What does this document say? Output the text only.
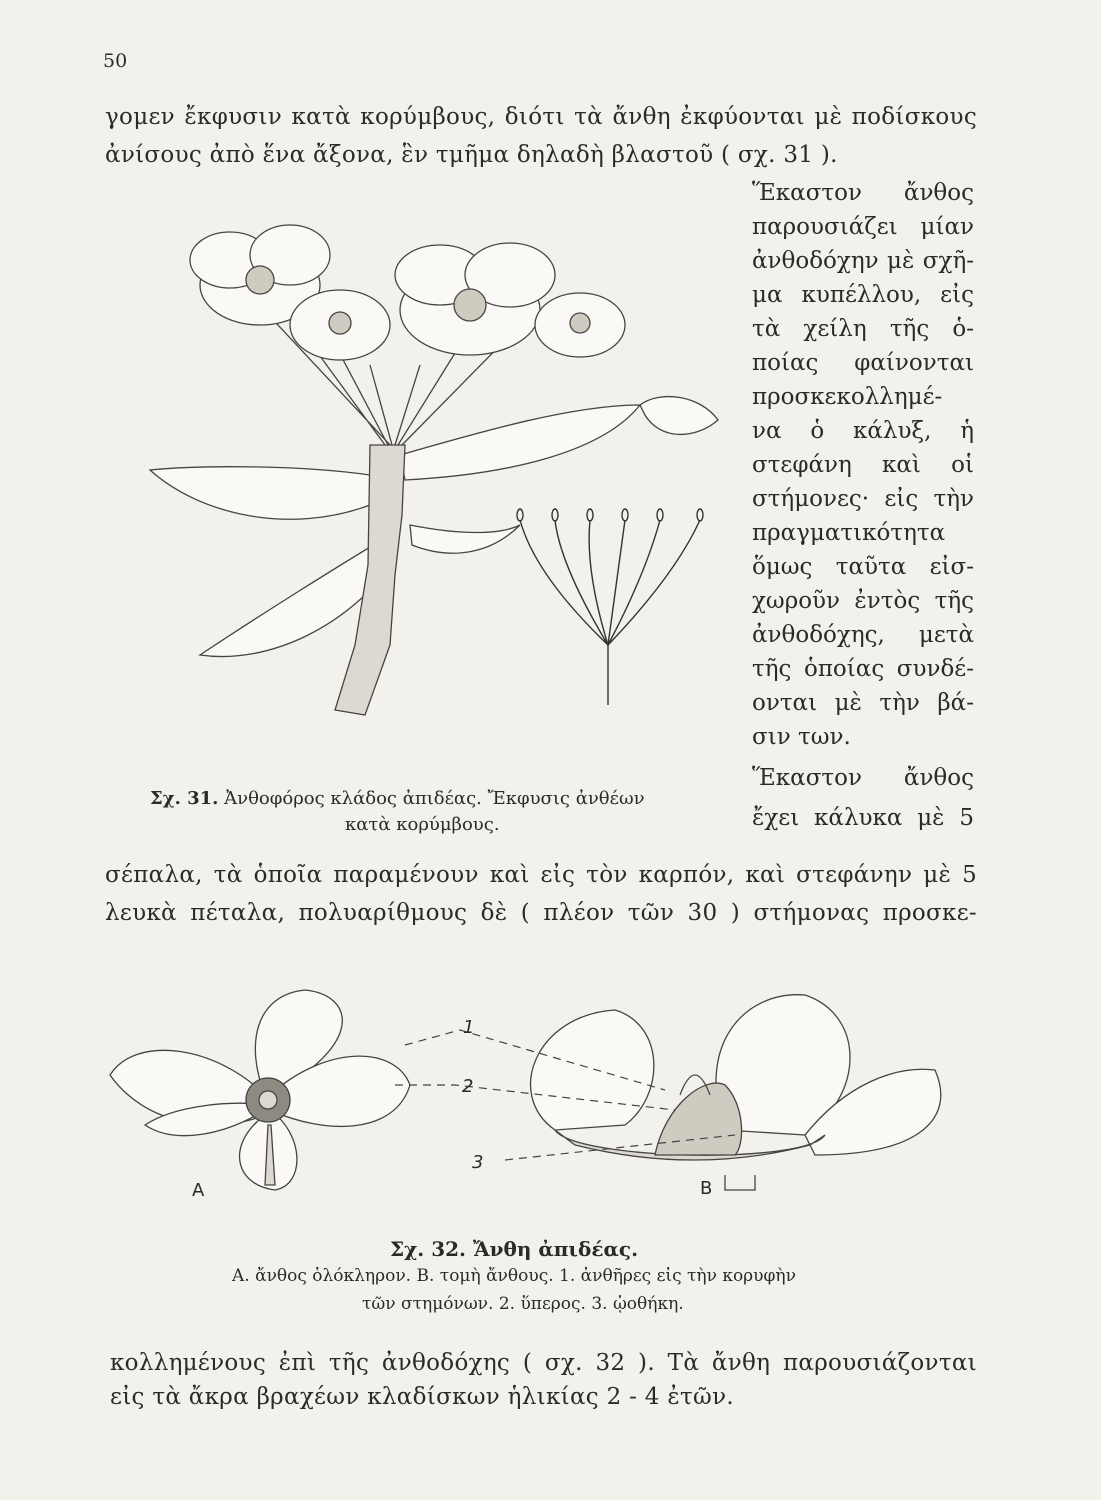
50
γομεν ἔκφυσιν κατὰ κορύμβους, διότι τὰ ἄνθη ἐκφύονται μὲ ποδίσκους
ἀνίσους ἀπὸ ἕνα ἄξονα, ἓν τμῆμα δηλαδὴ βλαστοῦ ( σχ. 31 ).
Ἕκαστον ἄνθος
παρουσιάζει μίαν
ἀνθοδόχην μὲ σχῆ-
μα κυπέλλου, εἰς
τὰ χείλη τῆς ὁ-
ποίας φαίνονται
προσκεκολλημέ-
να ὁ κάλυξ, ἡ
στεφάνη καὶ οἱ
στήμονες· εἰς τὴν
πραγματικότητα
ὅμως ταῦτα εἰσ-
χωροῦν ἐντὸς τῆς
ἀνθοδόχης, μετὰ
τῆς ὁποίας συνδέ-
ονται μὲ τὴν βά-
σιν των.
Ἕκαστον ἄνθος
ἔχει κάλυκα μὲ 5
Σχ. 31. Ἀνθοφόρος κλάδος ἀπιδέας. Ἔκφυσις ἀνθέων
κατὰ κορύμβους.
σέπαλα, τὰ ὁποῖα παραμένουν καὶ εἰς τὸν καρπόν, καὶ στεφάνην μὲ 5
λευκὰ πέταλα, πολυαρίθμους δὲ ( πλέον τῶν 30 ) στήμονας προσκε-
A	B
1
2
3
Σχ. 32. Ἄνθη ἀπιδέας.
Α. ἄνθος ὁλόκληρον. Β. τομὴ ἄνθους. 1. ἀνθῆρες εἰς τὴν κορυφὴν
τῶν στημόνων. 2. ὕπερος. 3. ᾠοθήκη.
κολλημένους ἐπὶ τῆς ἀνθοδόχης ( σχ. 32 ). Τὰ ἄνθη παρουσιάζονται
εἰς τὰ ἄκρα βραχέων κλαδίσκων ἡλικίας 2 - 4 ἐτῶν.
